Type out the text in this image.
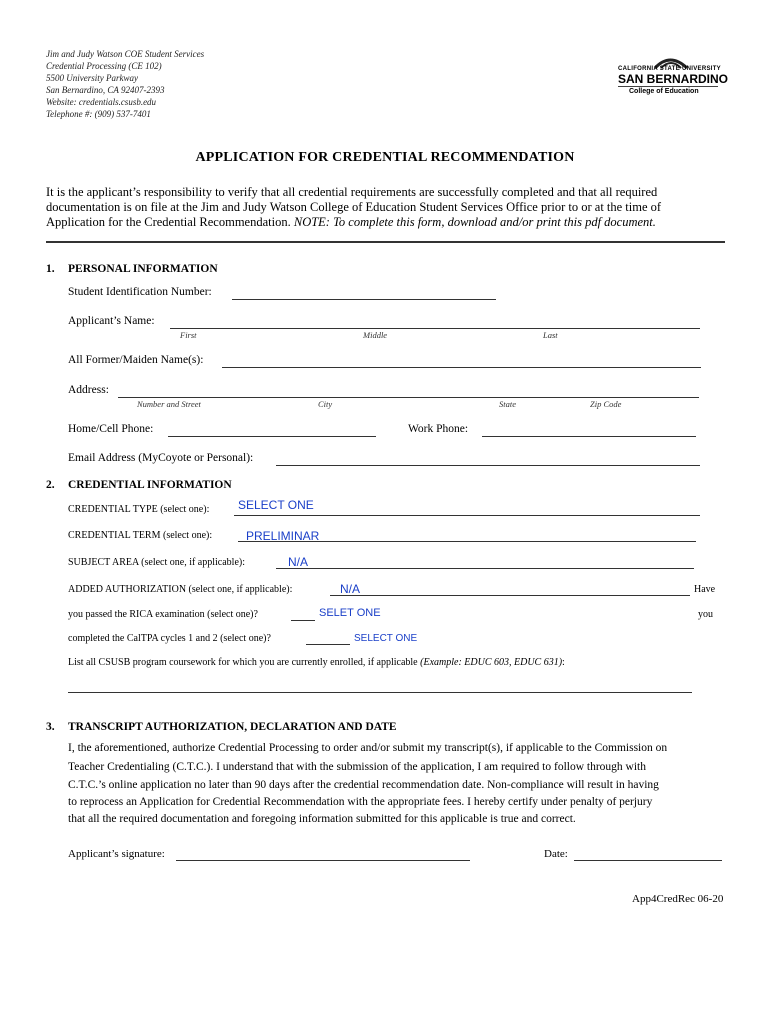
Jim and Judy Watson COE Student Services
Credential Processing (CE 102)
5500 University Parkway
San Bernardino, CA 92407-2393
Website: credentials.csusb.edu
Telephone #: (909) 537-7401
CALIFORNIA STATE UNIVERSITY
SAN BERNARDINO
College of Education
APPLICATION FOR CREDENTIAL RECOMMENDATION
It is the applicant’s responsibility to verify that all credential requirements are successfully completed and that all required
documentation is on file at the Jim and Judy Watson College of Education Student Services Office prior to or at the time of
Application for the Credential Recommendation. NOTE: To complete this form, download and/or print this pdf document.
1. PERSONAL INFORMATION
Student Identification Number:
Applicant’s Name:
First	Middle	Last
All Former/Maiden Name(s):
Address:
Number and Street	City	State	Zip Code
Home/Cell Phone:	Work Phone:
Email Address (MyCoyote or Personal):
2. CREDENTIAL INFORMATION
CREDENTIAL TYPE (select one): SELECT ONE
CREDENTIAL TERM (select one):	PRELIMINAR
SUBJECT AREA (select one, if applicable):	N/A
ADDED AUTHORIZATION (select one, if applicable):	N/A	Have
you passed the RICA examination (select one)?	SELET ONE	you
completed the CalTPA cycles 1 and 2 (select one)?	SELECT ONE
List all CSUSB program coursework for which you are currently enrolled, if applicable (Example: EDUC 603, EDUC 631):
3. TRANSCRIPT AUTHORIZATION, DECLARATION AND DATE
I, the aforementioned, authorize Credential Processing to order and/or submit my transcript(s), if applicable to the Commission on
Teacher Credentialing (C.T.C.). I understand that with the submission of the application, I am required to follow through with
C.T.C.’s online application no later than 90 days after the credential recommendation date. Non-compliance will result in having
to reprocess an Application for Credential Recommendation with the appropriate fees. I hereby certify under penalty of perjury
that all the required documentation and foregoing information submitted for this applicable is true and correct.
Applicant’s signature:	Date:
App4CredRec 06-20
